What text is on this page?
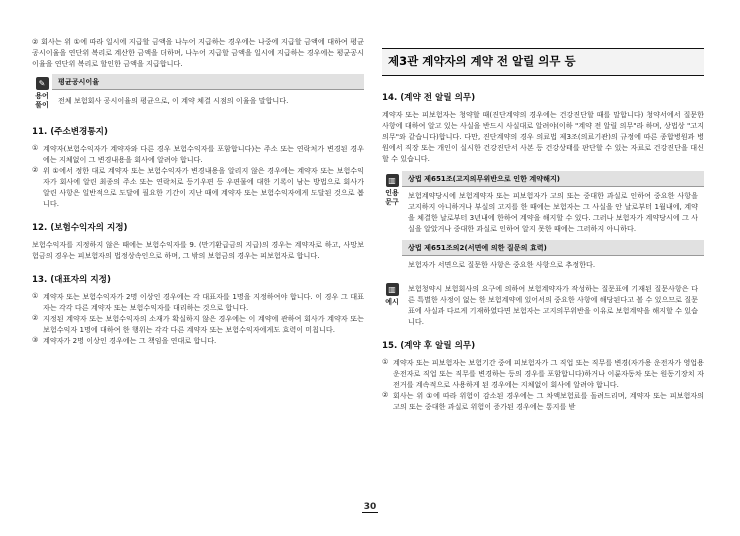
② 회사는 위 ①에 따라 일시에 지급할 금액을 나누어 지급하는 경우에는 나중에 지급할 금액에 대하여 평균공시이율을 연단위 복리로 계산한 금액을 더하며, 나누어 지급할 금액을 일시에 지급하는 경우에는 평균공시이율을 연단위 복리로 할인한 금액을 지급합니다.
✎
용어풀이
평균공시이율
전체 보험회사 공시이율의 평균으로, 이 계약 체결 시점의 이율을 말합니다.
11. (주소변경통지)
① 계약자(보험수익자가 계약자와 다른 경우 보험수익자를 포함합니다)는 주소 또는 연락처가 변경된 경우에는 지체없이 그 변경내용을 회사에 알려야 합니다.
② 위 ①에서 정한 대로 계약자 또는 보험수익자가 변경내용을 알리지 않은 경우에는 계약자 또는 보험수익자가 회사에 알린 최종의 주소 또는 연락처로 등기우편 등 우편물에 대한 기록이 남는 방법으로 회사가 알린 사항은 일반적으로 도달에 필요한 기간이 지난 때에 계약자 또는 보험수익자에게 도달된 것으로 봅니다.
12. (보험수익자의 지정)
보험수익자를 지정하지 않은 때에는 보험수익자를 9. (만기환급금의 지급)의 경우는 계약자로 하고, 사망보험금의 경우는 피보험자의 법정상속인으로 하며, 그 밖의 보험금의 경우는 피보험자로 합니다.
13. (대표자의 지정)
① 계약자 또는 보험수익자가 2명 이상인 경우에는 각 대표자를 1명을 지정하여야 합니다. 이 경우 그 대표자는 각각 다른 계약자 또는 보험수익자를 대리하는 것으로 합니다.
② 지정된 계약자 또는 보험수익자의 소재가 확실하지 않은 경우에는 이 계약에 관하여 회사가 계약자 또는 보험수익자 1명에 대하여 한 행위는 각각 다른 계약자 또는 보험수익자에게도 효력이 미칩니다.
③ 계약자가 2명 이상인 경우에는 그 책임을 연대로 합니다.
제3관 계약자의 계약 전 알릴 의무 등
14. (계약 전 알릴 의무)
계약자 또는 피보험자는 청약할 때(진단계약의 경우에는 건강진단할 때를 말합니다) 청약서에서 질문한 사항에 대하여 알고 있는 사실을 반드시 사실대로 알려야(이하 "계약 전 알릴 의무"라 하며, 상법상 "고지의무"와 같습니다)합니다. 다만, 진단계약의 경우 의료법 제3조(의료기관)의 규정에 따른 종합병원과 병원에서 직장 또는 개인이 실시한 건강진단서 사본 등 건강상태를 판단할 수 있는 자료로 건강진단을 대신할 수 있습니다.
▥
인용문구
상법 제651조(고지의무위반으로 인한 계약해지)
보험계약당시에 보험계약자 또는 피보험자가 고의 또는 중대한 과실로 인하여 중요한 사항을 고지하지 아니하거나 부실의 고지를 한 때에는 보험자는 그 사실을 안 날로부터 1월내에, 계약을 체결한 날로부터 3년내에 한하여 계약을 해지할 수 있다. 그러나 보험자가 계약당시에 그 사실을 알았거나 중대한 과실로 인하여 알지 못한 때에는 그러하지 아니하다.
상법 제651조의2(서면에 의한 질문의 효력)
보험자가 서면으로 질문한 사항은 중요한 사항으로 추정한다.
▥
예시
보험청약시 보험회사의 요구에 의하여 보험계약자가 작성하는 질문표에 기재된 질문사항은 다른 특별한 사정이 없는 한 보험계약에 있어서의 중요한 사항에 해당된다고 볼 수 있으므로 질문표에 사실과 다르게 기재하였다면 보험자는 고지의무위반을 이유로 보험계약을 해지할 수 있습니다.
15. (계약 후 알릴 의무)
① 계약자 또는 피보험자는 보험기간 중에 피보험자가 그 직업 또는 직무를 변경(자가용 운전자가 영업용 운전자로 직업 또는 직무를 변경하는 등의 경우를 포함합니다)하거나 이륜자동차 또는 원동기장치 자전거를 계속적으로 사용하게 된 경우에는 지체없이 회사에 알려야 합니다.
② 회사는 위 ①에 따라 위험이 감소된 경우에는 그 차액보험료를 돌려드리며, 계약자 또는 피보험자의 고의 또는 중대한 과실로 위험이 증가된 경우에는 통지를 받
30
